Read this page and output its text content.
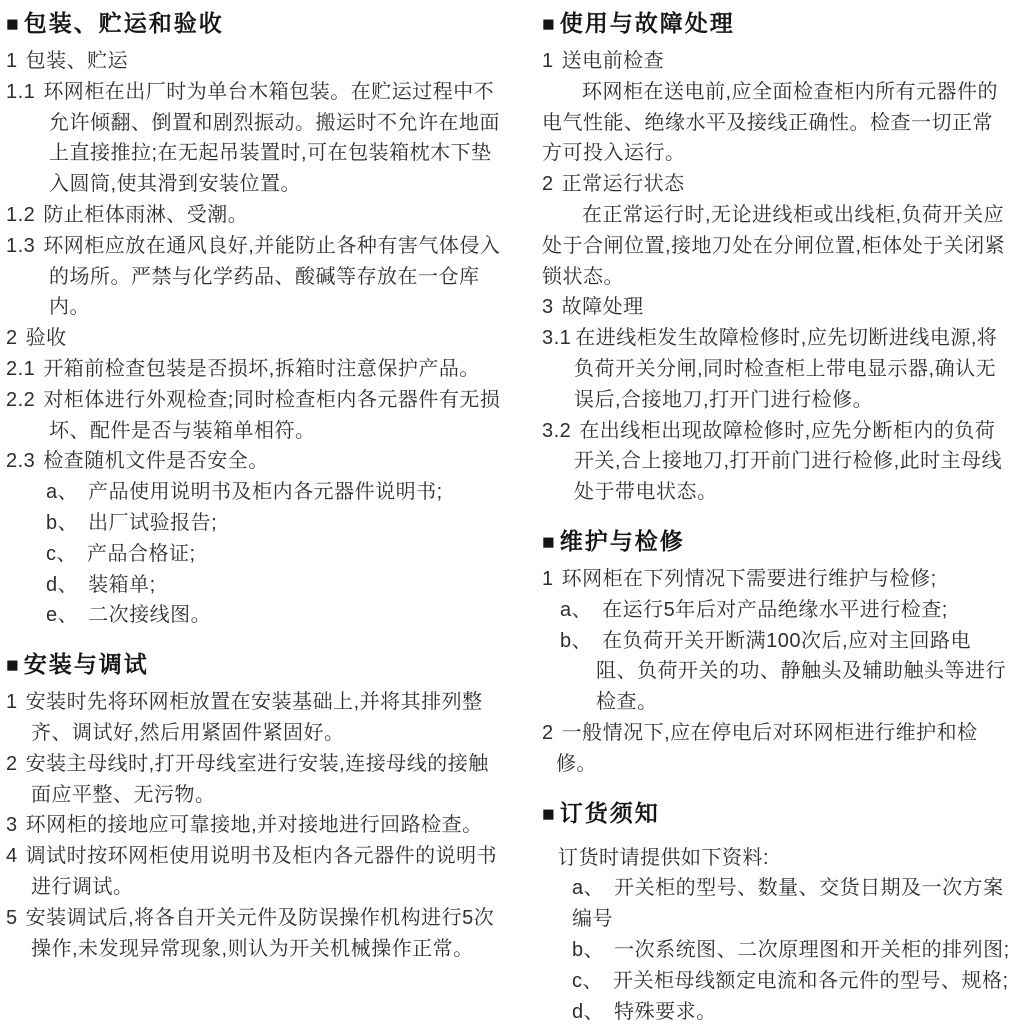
■ 包装、贮运和验收

1 包装、贮运

1.1 环网柜在出厂时为单台木箱包装。在贮运过程中不允许倾翻、倒置和剧烈振动。搬运时不允许在地面上直接推拉;在无起吊装置时,可在包装箱枕木下垫入圆筒,使其滑到安装位置。

1.2 防止柜体雨淋、受潮。

1.3 环网柜应放在通风良好,并能防止各种有害气体侵入的场所。严禁与化学药品、酸碱等存放在一仓库内。

2 验收

2.1 开箱前检查包装是否损坏,拆箱时注意保护产品。

2.2 对柜体进行外观检查;同时检查柜内各元器件有无损坏、配件是否与装箱单相符。

2.3 检查随机文件是否安全。

a、 产品使用说明书及柜内各元器件说明书;

b、 出厂试验报告;

c、 产品合格证;

d、 装箱单;

e、 二次接线图。

■ 安装与调试

1 安装时先将环网柜放置在安装基础上,并将其排列整齐、调试好,然后用紧固件紧固好。

2 安装主母线时,打开母线室进行安装,连接母线的接触面应平整、无污物。

3 环网柜的接地应可靠接地,并对接地进行回路检查。

4 调试时按环网柜使用说明书及柜内各元器件的说明书进行调试。

5 安装调试后,将各自开关元件及防误操作机构进行5次操作,未发现异常现象,则认为开关机械操作正常。

■ 使用与故障处理

1 送电前检查

环网柜在送电前,应全面检查柜内所有元器件的电气性能、绝缘水平及接线正确性。检查一切正常方可投入运行。

2 正常运行状态

在正常运行时,无论进线柜或出线柜,负荷开关应处于合闸位置,接地刀处在分闸位置,柜体处于关闭紧锁状态。

3 故障处理

3.1 在进线柜发生故障检修时,应先切断进线电源,将负荷开关分闸,同时检查柜上带电显示器,确认无误后,合接地刀,打开门进行检修。

3.2 在出线柜出现故障检修时,应先分断柜内的负荷开关,合上接地刀,打开前门进行检修,此时主母线处于带电状态。

■ 维护与检修

1 环网柜在下列情况下需要进行维护与检修;

a、 在运行5年后对产品绝缘水平进行检查;

b、 在负荷开关开断满100次后,应对主回路电阻、负荷开关的功、静触头及辅助触头等进行检查。

2 一般情况下,应在停电后对环网柜进行维护和检修。

■ 订货须知

订货时请提供如下资料:

a、 开关柜的型号、数量、交货日期及一次方案编号

b、 一次系统图、二次原理图和开关柜的排列图;

c、 开关柜母线额定电流和各元件的型号、规格;

d、 特殊要求。
